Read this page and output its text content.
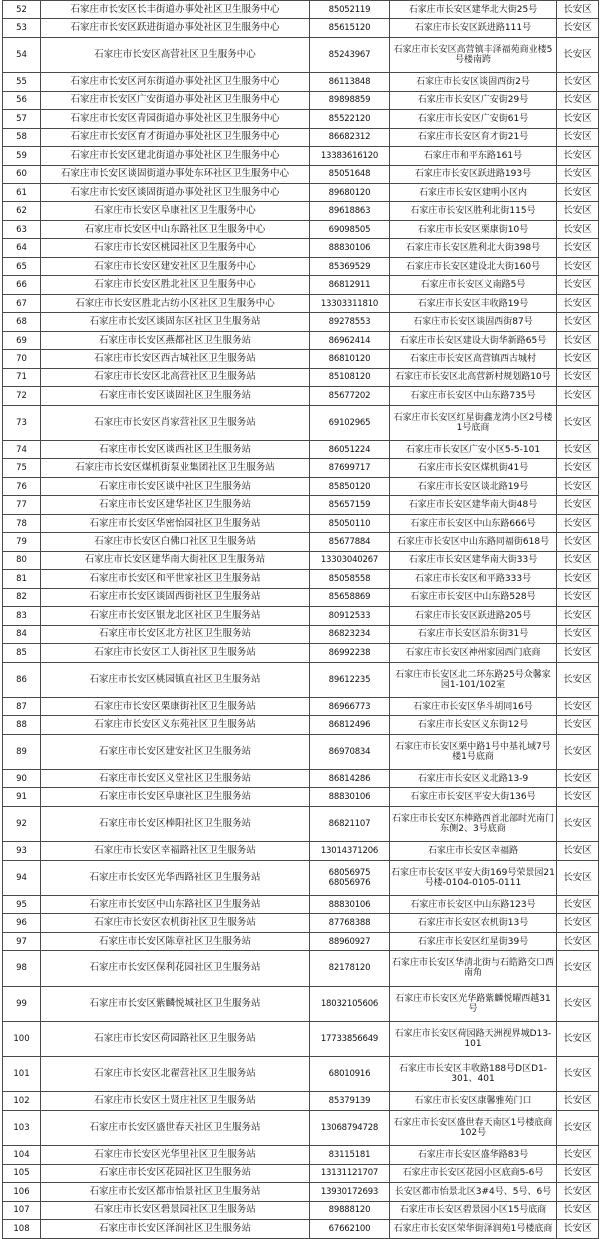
52	石家庄市长安区长丰街道办事处社区卫生服务中心	85052119	石家庄市长安区建华北大街25号	长安区
53	石家庄市长安区跃进街道办事处社区卫生服务中心	85615120	石家庄市长安区跃进路111号	长安区
54	石家庄市长安区高营社区卫生服务中心	85243967	石家庄市长安区高营镇丰泽福苑商业楼5号楼南跨	长安区
55	石家庄市长安区河东街道办事处社区卫生服务中心	86113848	石家庄市长安区谈固西街2号	长安区
56	石家庄市长安区广安街道办事处社区卫生服务中心	89898859	石家庄市长安区广安街29号	长安区
57	石家庄市长安区青园街道办事处社区卫生服务中心	85522120	石家庄市长安区广安街61号	长安区
58	石家庄市长安区育才街道办事处社区卫生服务中心	86682312	石家庄市长安区育才街21号	长安区
59	石家庄市长安区建北街道办事处社区卫生服务中心	13383616120	石家庄市和平东路161号	长安区
60	石家庄市长安区谈固街道办事处东环社区卫生服务中心	85051648	石家庄市长安区跃进路193号	长安区
61	石家庄市长安区谈固街道办事处社区卫生服务中心	89680120	石家庄市长安区建明小区内	长安区
62	石家庄市长安区阜康社区卫生服务中心	89618863	石家庄市长安区胜利北街115号	长安区
63	石家庄市长安区中山东路社区卫生服务中心	69098505	石家庄市长安区栗康街10号	长安区
64	石家庄市长安区桃园社区卫生服务中心	88830106	石家庄市长安区胜利北大街398号	长安区
65	石家庄市长安区建安社区卫生服务中心	85369529	石家庄市长安区建设北大街160号	长安区
66	石家庄市长安区胜北社区卫生服务中心	86812911	石家庄市长安区义南路5号	长安区
67	石家庄市长安区胜北古纺小区社区卫生服务中心	13303311810	石家庄市长安区丰收路19号	长安区
68	石家庄市长安区谈固东区社区卫生服务站	89278553	石家庄市长安区谈固西街87号	长安区
69	石家庄市长安区燕都社区卫生服务站	86962414	石家庄市长安区建设大街华新路65号	长安区
70	石家庄市长安区西古城社区卫生服务站	86810120	石家庄市长安区高营镇西古城村	长安区
71	石家庄市长安区北高营社区卫生服务站	85108120	石家庄市长安区北高营新村规划路10号	长安区
72	石家庄市长安区谈固社区卫生服务站	85677202	石家庄市长安区中山东路735号	长安区
73	石家庄市长安区肖家营社区卫生服务站	69102965	石家庄市长安区红星街鑫龙湾小区2号楼1号底商	长安区
74	石家庄市长安区谈西社区卫生服务站	86051224	石家庄市长安区广安小区5-5-101	长安区
75	石家庄市长安区煤机街泵业集团社区卫生服务站	87699717	石家庄市长安区煤机街41号	长安区
76	石家庄市长安区谈中社区卫生服务站	85850120	石家庄市长安区谈北路19号	长安区
77	石家庄市长安区建华社区卫生服务站	85657159	石家庄市长安区建华南大街48号	长安区
78	石家庄市长安区华密怡园社区卫生服务站	85050110	石家庄市长安区中山东路666号	长安区
79	石家庄市长安区白佛口社区卫生服务站	85677884	石家庄市长安区中山东路同福街618号	长安区
80	石家庄市长安区建华南大街社区卫生服务站	13303040267	石家庄市长安区建华南大街33号	长安区
81	石家庄市长安区和平世家社区卫生服务站	85058558	石家庄市长安区和平路333号	长安区
82	石家庄市长安区谈固西街社区卫生服务站	85658869	石家庄市长安区中山东路528号	长安区
83	石家庄市长安区银龙北区社区卫生服务站	80912533	石家庄市长安区跃进路205号	长安区
84	石家庄市长安区北方社区卫生服务站	86823234	石家庄市长安区沿东街31号	长安区
85	石家庄市长安区工人街社区卫生服务站	86992238	石家庄市长安区神州家园西门底商	长安区
86	石家庄市长安区桃园镇直社区卫生服务站	89612235	石家庄市长安区北二环东路25号众馨家园1-101/102室	长安区
87	石家庄市长安区栗康街社区卫生服务站	86966773	石家庄市长安区华斗胡同16号	长安区
88	石家庄市长安区义东苑社区卫生服务站	86812496	石家庄市长安区义东街12号	长安区
89	石家庄市长安区建安社区卫生服务站	86970834	石家庄市长安区栗中路1号中基礼域7号楼1号底商	长安区
90	石家庄市长安区义堂社区卫生服务站	86814286	石家庄市长安区义北路13-9	长安区
91	石家庄市长安区阜康社区卫生服务站	88830106	石家庄市长安区平安大街136号	长安区
92	石家庄市长安区棒阳社区卫生服务站	86821107	石家庄市长安区东棒路西首北部时光南门东侧2、3号底商	长安区
93	石家庄市长安区幸福路社区卫生服务站	13014371206	石家庄市长安区幸福路	长安区
94	石家庄市长安区光华西路社区卫生服务站	68056975 68056976	石家庄市长安区平安大街169号荣景园21号楼-0104-0105-0111	长安区
95	石家庄市长安区中山东路社区卫生服务站	88830106	石家庄市长安区中山东路123号	长安区
96	石家庄市长安区农机街社区卫生服务站	87768388	石家庄市长安区农机街13号	长安区
97	石家庄市长安区陈章社区卫生服务站	88960927	石家庄市长安区红星街39号	长安区
98	石家庄市长安区保利花园社区卫生服务站	82178120	石家庄市长安区华清北街与石皓路交口西南角	长安区
99	石家庄市长安区紫麟悦城社区卫生服务站	18032105606	石家庄市长安区光华路紫麟悦曜西越31号	长安区
100	石家庄市长安区荷园路社区卫生服务站	17733856649	石家庄市长安区荷园路天洲视界城D13-101	长安区
101	石家庄市长安区北翟营社区卫生服务站	68010916	石家庄市长安区丰收路188号D区D1-301、401	长安区
102	石家庄市长安区土贤庄社区卫生服务站	85379139	石家庄市长安区康馨雅苑门口	长安区
103	石家庄市长安区盛世春天社区卫生服务站	13068794728	石家庄市长安区盛世春天南区1号楼底商102号	长安区
104	石家庄市长安区光华里社区卫生服务站	83115181	石家庄市长安区盛华路83号	长安区
105	石家庄市长安区花园社区卫生服务站	13131121707	石家庄市长安区花园小区底商5-6号	长安区
106	石家庄市长安区都市怡景社区卫生服务站	13930172693	长安区都市怡景北区3#4号、5号、6号	长安区
107	石家庄市长安区碧景园社区卫生服务站	89888120	石家庄市长安区碧景园小区15号底商	长安区
108	石家庄市长安区泽润社区卫生服务站	67662100	石家庄市长安区荣华街泽润苑1号楼底商	长安区
